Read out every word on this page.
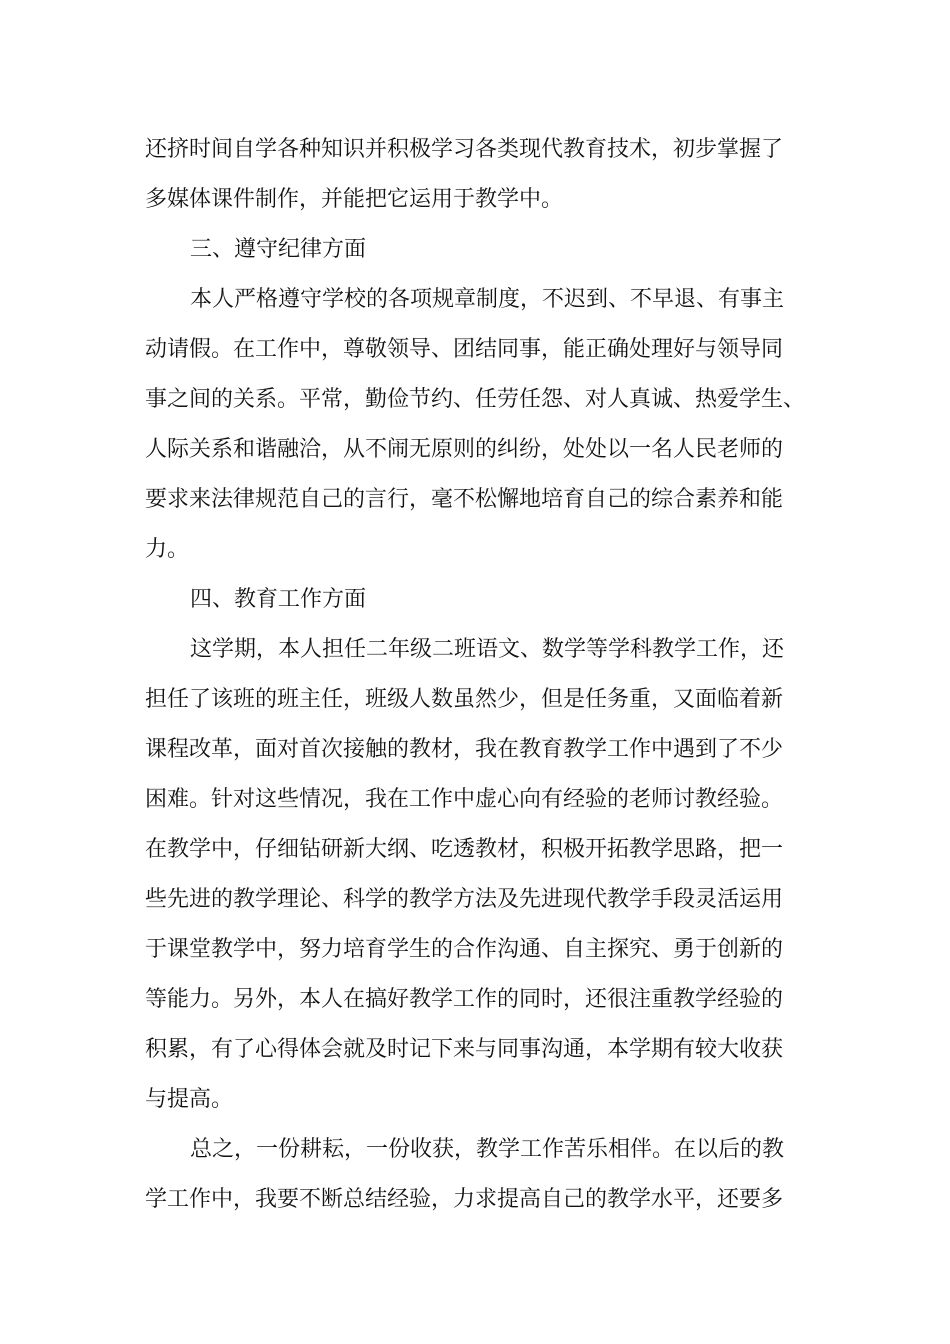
还挤时间自学各种知识并积极学习各类现代教育技术，初步掌握了
多媒体课件制作，并能把它运用于教学中。
三、遵守纪律方面
本人严格遵守学校的各项规章制度，不迟到、不早退、有事主
动请假。在工作中，尊敬领导、团结同事，能正确处理好与领导同
事之间的关系。平常，勤俭节约、任劳任怨、对人真诚、热爱学生、
人际关系和谐融洽，从不闹无原则的纠纷，处处以一名人民老师的
要求来法律规范自己的言行，毫不松懈地培育自己的综合素养和能
力。
四、教育工作方面
这学期，本人担任二年级二班语文、数学等学科教学工作，还
担任了该班的班主任，班级人数虽然少，但是任务重，又面临着新
课程改革，面对首次接触的教材，我在教育教学工作中遇到了不少
困难。针对这些情况，我在工作中虚心向有经验的老师讨教经验。
在教学中，仔细钻研新大纲、吃透教材，积极开拓教学思路，把一
些先进的教学理论、科学的教学方法及先进现代教学手段灵活运用
于课堂教学中，努力培育学生的合作沟通、自主探究、勇于创新的
等能力。另外，本人在搞好教学工作的同时，还很注重教学经验的
积累，有了心得体会就及时记下来与同事沟通，本学期有较大收获
与提高。
总之，一份耕耘，一份收获，教学工作苦乐相伴。在以后的教
学工作中，我要不断总结经验，力求提高自己的教学水平，还要多
